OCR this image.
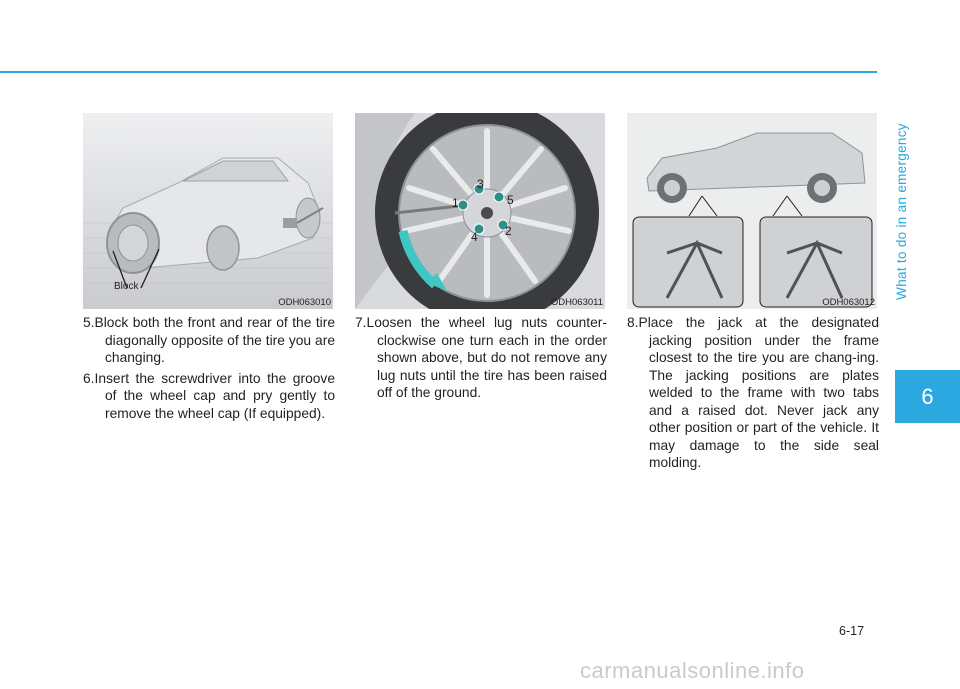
What to do in an emergency
6
Block
ODH063010
1
2
3
4
5
ODH063011	ODH063012

5.Block both the front and rear of the tire diagonally opposite of the tire you are changing.

6.Insert the screwdriver into the groove of the wheel cap and pry gently to remove the wheel cap (If equipped).

7.Loosen the wheel lug nuts counter-clockwise one turn each in the order shown above, but do not remove any lug nuts until the tire has been raised off of the ground.

8.Place the jack at the designated jacking position under the frame closest to the tire you are chang-ing. The jacking positions are plates welded to the frame with two tabs and a raised dot. Never jack any other position or part of the vehicle. It may damage to the side seal molding.

6-17
carmanualsonline.info
